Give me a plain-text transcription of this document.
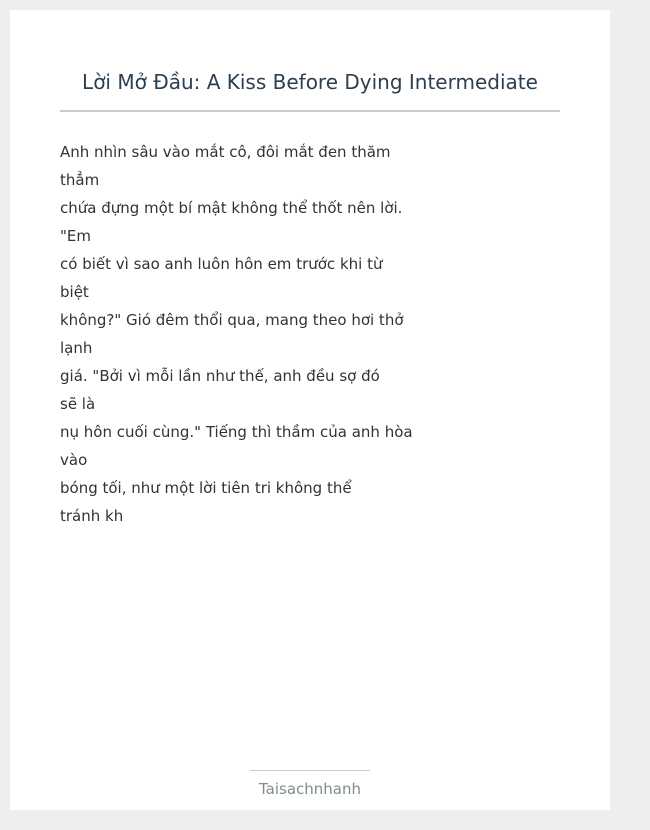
Lời Mở Đầu: A Kiss Before Dying Intermediate
Anh nhìn sâu vào mắt cô, đôi mắt đen thăm
thẳm
chứa đựng một bí mật không thể thốt nên lời.
"Em
có biết vì sao anh luôn hôn em trước khi từ
biệt
không?" Gió đêm thổi qua, mang theo hơi thở
lạnh
giá. "Bởi vì mỗi lần như thế, anh đều sợ đó
sẽ là
nụ hôn cuối cùng." Tiếng thì thầm của anh hòa
vào
bóng tối, như một lời tiên tri không thể
tránh kh
Taisachnhanh
